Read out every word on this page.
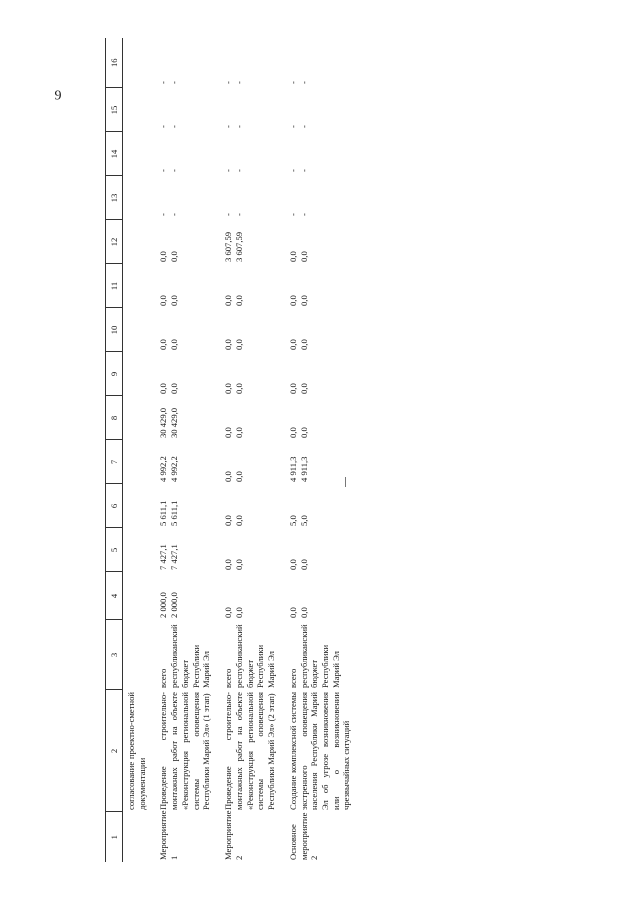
9
1	2	3	4	5	6	7	8	9	10	11	12	13	14	15	16
	согласование проектно-сметной документации														
Мероприятие 1	Проведение строительно-монтажных работ на объекте «Реконструкция региональной системы оповещения Республики Марий Эл» (1 этап)	всего республиканский бюджет Республики Марий Эл	2 000,0 2 000,0	7 427,1 7 427,1	5 611,1 5 611,1	4 992,2 4 992,2	30 429,0 30 429,0	0,0 0,0	0,0 0,0	0,0 0,0	0,0 0,0	- -	- -	- -	- -

Мероприятие 2	Проведение строительно-монтажных работ на объекте «Реконструкция региональной системы оповещения Республики Марий Эл» (2 этап)	всего республиканский бюджет Республики Марий Эл	0,0 0,0	0,0 0,0	0,0 0,0	0,0 0,0	0,0 0,0	0,0 0,0	0,0 0,0	0,0 0,0	3 607,59 3 607,59	- -	- -	- -	- -

Основное мероприятие 2	Создание комплексной системы экстренного оповещения населения Республики Марий Эл об угрозе возникновения или о возникновении чрезвычайных ситуаций	всего республиканский бюджет Республики Марий Эл	0,0 0,0	0,0 0,0	5,0 5,0	4 911,3 4 911,3	0,0 0,0	0,0 0,0	0,0 0,0	0,0 0,0	0,0 0,0	- -	- -	- -	- -
